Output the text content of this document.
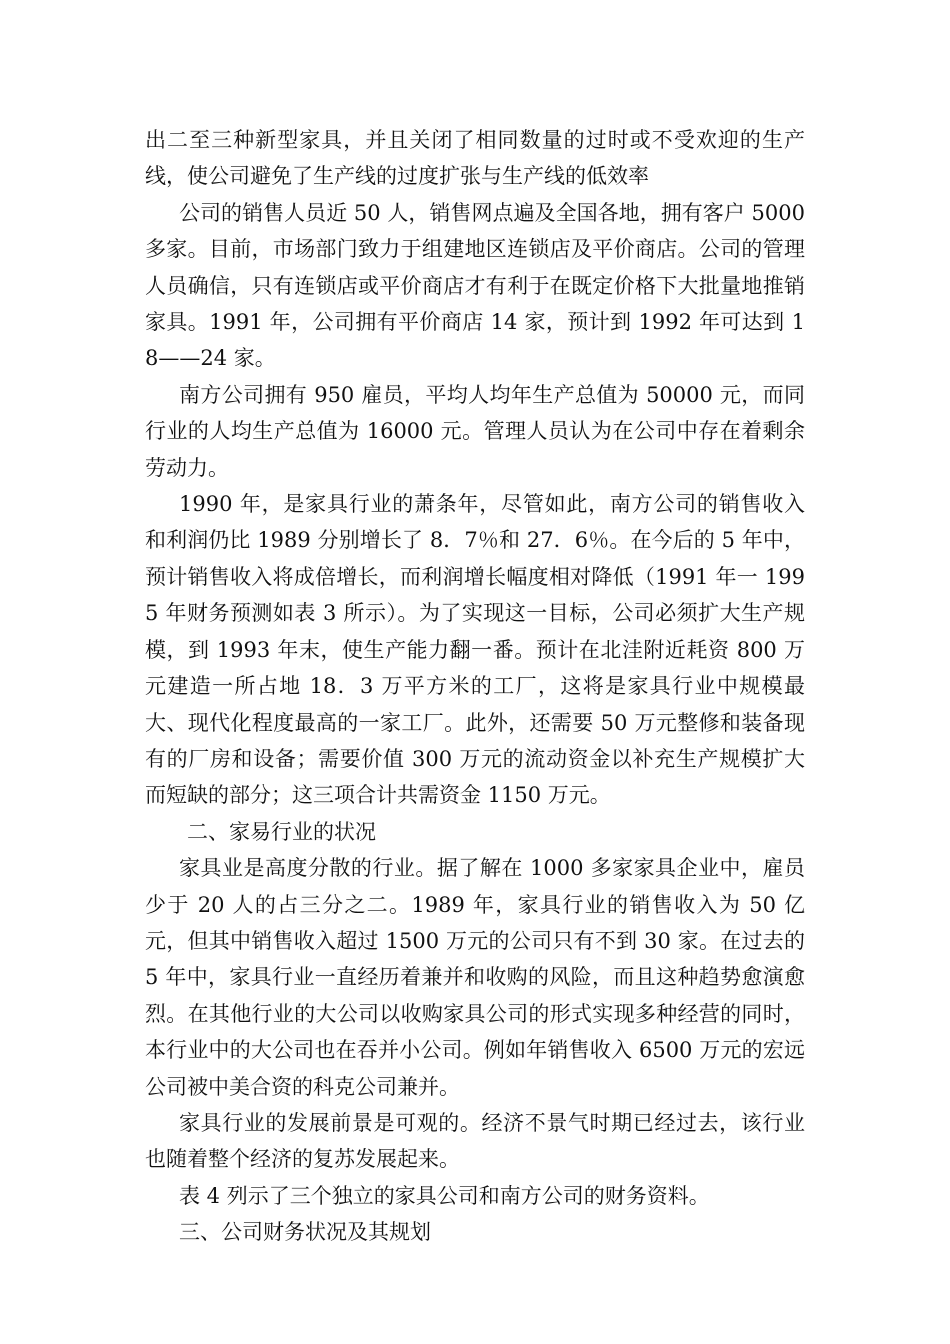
出二至三种新型家具，并且关闭了相同数量的过时或不受欢迎的生产线，使公司避免了生产线的过度扩张与生产线的低效率

公司的销售人员近 50 人，销售网点遍及全国各地，拥有客户 5000 多家。目前，市场部门致力于组建地区连锁店及平价商店。公司的管理人员确信，只有连锁店或平价商店才有利于在既定价格下大批量地推销家具。1991 年，公司拥有平价商店 14 家，预计到 1992 年可达到 18——24 家。

南方公司拥有 950 雇员，平均人均年生产总值为 50000 元，而同行业的人均生产总值为 16000 元。管理人员认为在公司中存在着剩余劳动力。

1990 年，是家具行业的萧条年，尽管如此，南方公司的销售收入和利润仍比 1989 分别增长了 8．7％和 27．6％。在今后的 5 年中，预计销售收入将成倍增长，而利润增长幅度相对降低（1991 年一 1995 年财务预测如表 3 所示）。为了实现这一目标，公司必须扩大生产规模，到 1993 年末，使生产能力翻一番。预计在北洼附近耗资 800 万元建造一所占地 18．3 万平方米的工厂，这将是家具行业中规模最大、现代化程度最高的一家工厂。此外，还需要 50 万元整修和装备现有的厂房和设备；需要价值 300 万元的流动资金以补充生产规模扩大而短缺的部分；这三项合计共需资金 1150 万元。

二、家易行业的状况

家具业是高度分散的行业。据了解在 1000 多家家具企业中，雇员少于 20 人的占三分之二。1989 年，家具行业的销售收入为 50 亿元，但其中销售收入超过 1500 万元的公司只有不到 30 家。在过去的 5 年中，家具行业一直经历着兼并和收购的风险，而且这种趋势愈演愈烈。在其他行业的大公司以收购家具公司的形式实现多种经营的同时，本行业中的大公司也在吞并小公司。例如年销售收入 6500 万元的宏远公司被中美合资的科克公司兼并。

家具行业的发展前景是可观的。经济不景气时期已经过去，该行业也随着整个经济的复苏发展起来。

表 4 列示了三个独立的家具公司和南方公司的财务资料。

三、公司财务状况及其规划
